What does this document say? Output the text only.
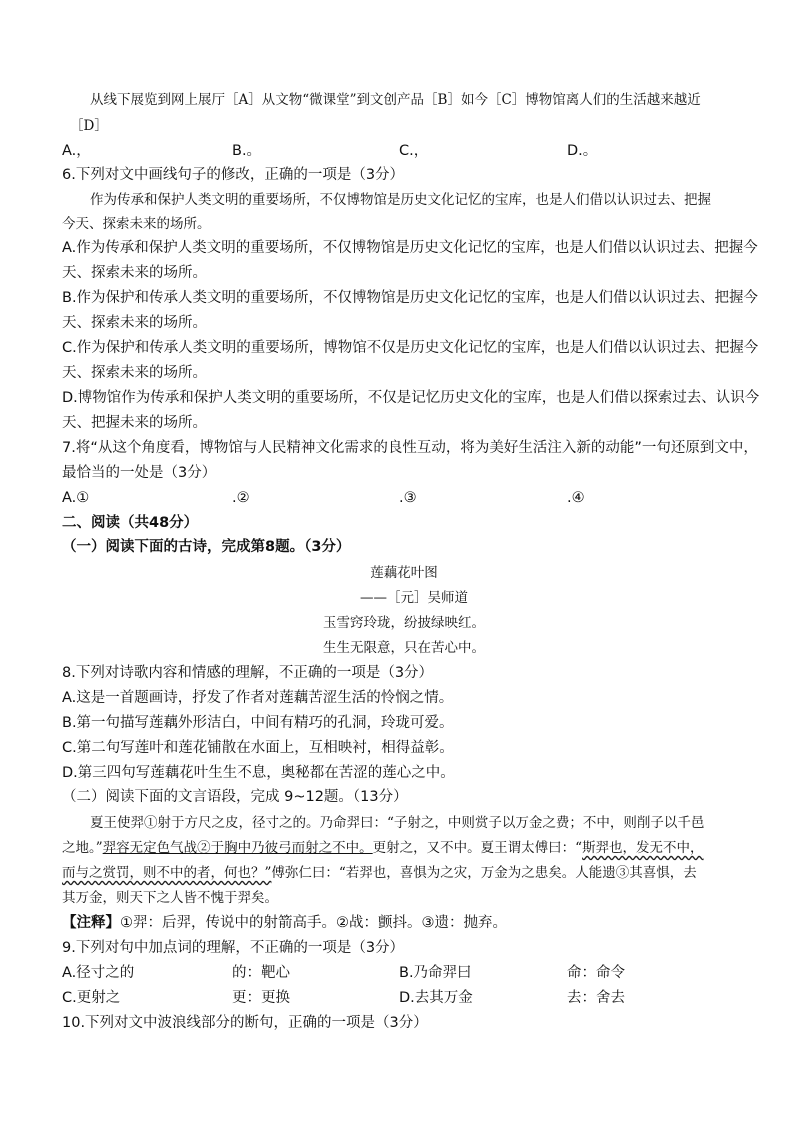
从线下展览到网上展厅［A］从文物“微课堂”到文创产品［B］如今［C］博物馆离人们的生活越来越近
［D］
A.，	B.。	C.，	D.。
6.下列对文中画线句子的修改，正确的一项是（3分）
作为传承和保护人类文明的重要场所，不仅博物馆是历史文化记忆的宝库，也是人们借以认识过去、把握
今天、探索未来的场所。
A.作为传承和保护人类文明的重要场所，不仅博物馆是历史文化记忆的宝库，也是人们借以认识过去、把握今
天、探索未来的场所。
B.作为保护和传承人类文明的重要场所，不仅博物馆是历史文化记忆的宝库，也是人们借以认识过去、把握今
天、探索未来的场所。
C.作为保护和传承人类文明的重要场所，博物馆不仅是历史文化记忆的宝库，也是人们借以认识过去、把握今
天、探索未来的场所。
D.博物馆作为传承和保护人类文明的重要场所，不仅是记忆历史文化的宝库，也是人们借以探索过去、认识今
天、把握未来的场所。
7.将“从这个角度看，博物馆与人民精神文化需求的良性互动，将为美好生活注入新的动能”一句还原到文中，
最恰当的一处是（3分）
A.①	.②	.③	.④
二、阅读（共48分）
（一）阅读下面的古诗，完成第8题。（3分）
莲藕花叶图
——［元］吴师道
玉雪窍玲珑，纷披绿映红。
生生无限意，只在苦心中。
8.下列对诗歌内容和情感的理解，不正确的一项是（3分）
A.这是一首题画诗，抒发了作者对莲藕苦涩生活的怜悯之情。
B.第一句描写莲藕外形洁白，中间有精巧的孔洞，玲珑可爱。
C.第二句写莲叶和莲花铺散在水面上，互相映衬，相得益彰。
D.第三四句写莲藕花叶生生不息，奥秘都在苦涩的莲心之中。
（二）阅读下面的文言语段，完成 9~12题。（13分）
夏王使羿①射于方尺之皮，径寸之的。乃命羿曰：“子射之，中则赏子以万金之费；不中，则削子以千邑
之地。”羿容无定色气战②于胸中乃彼弓而射之不中。更射之，又不中。夏王谓太傅曰：“斯羿也，发无不中，
而与之赏罚，则不中的者，何也？”傅弥仁曰：“若羿也，喜惧为之灾，万金为之患矣。人能遗③其喜惧，去
其万金，则天下之人皆不愧于羿矣。
【注释】①羿：后羿，传说中的射箭高手。②战：颤抖。③遗：抛弃。
9.下列对句中加点词的理解，不正确的一项是（3分）
A.径寸之的	的：靶心	B.乃命羿曰	命：命令
C.更射之	更：更换	D.去其万金	去：舍去
10.下列对文中波浪线部分的断句，正确的一项是（3分）
